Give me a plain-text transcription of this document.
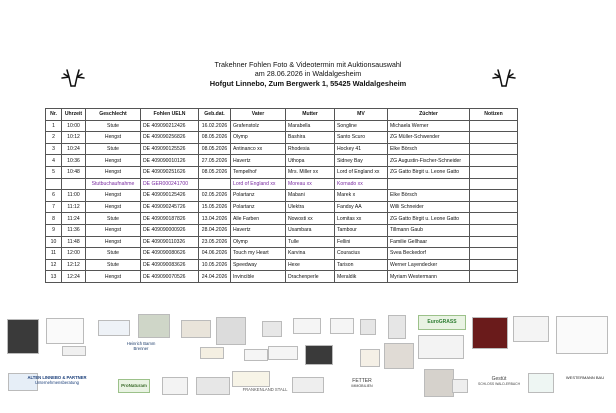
Trakehner Fohlen Foto & Videotermin mit Auktionsauswahl
am 28.06.2026 in Waldalgesheim
Hofgut Linnebo, Zum Bergwerk 1, 55425 Waldalgesheim
Nr.	Uhrzeit	Geschlecht	Fohlen UELN	Geb.dat.	Vater	Mutter	MV	Züchter	Notizen
1	10:00	Stute	DE 409090212426	16.02.2026	Grafenstolz	Marabella	Songline	Michaela Werner	
2	10:12	Hengst	DE 409090256826	08.05.2026	Olymp	Bashira	Santo Scuro	ZG Müller-Schwender	
3	10:24	Stute	DE 409090125526	08.05.2026	Antinanco xx	Rhodesia	Hockey 41	Elke Börsch	
4	10:36	Hengst	DE 409090010126	27.05.2026	Havertz	Uthopa	Sidney Bay	ZG Augustin-Fischer-Schneider	
5	10:48	Hengst	DE 409090251626	08.05.2026	Tempelhof	Mrs. Miller xx	Lord of England xx	ZG Gatto Birgit u. Leone Gatto	
		Stutbuchaufnahme	DE GER000241700		Lord of England xx	Moreau xx	Kornado xx		
6	11:00	Hengst	DE 409090125426	02.05.2026	Polartanz	Mabani	Marek x	Elke Börsch	
7	11:12	Hengst	DE 409090245726	15.05.2026	Polartanz	Ulektra	Fandsy AA	Willi Schneider	
8	11:24	Stute	DE 409090187826	13.04.2026	Alle Farben	Nowosti xx	Lomitas xx	ZG Gatto Birgit u. Leone Gatto	
9	11:36	Hengst	DE 409090000926	28.04.2026	Havertz	Usambara	Tambour	Tillmann Gaub	
10	11:48	Hengst	DE 409090110326	23.05.2026	Olymp	Tulle	Fellini	Familie Gellhaar	
11	12:00	Stute	DE 409090080626	04.06.2026	Touch my Heart	Karvina	Couracius	Svea Beckedorf	
12	12:12	Stute	DE 409090083626	10.05.2026	Speedway	Hexe	Tarison	Werner Layendecker	
13	12:24	Hengst	DE 409090070526	24.04.2026	Invincible	Drachenperle	Meraldik	Myriam Westermann	
EuroGRASS
Heinrich Bamm Brenner
ALTEN LINNEBO & PARTNER
Unternehmensberatung
ProNaturam
FRANKENLAND STALL
FETTER
IMMOBILIEN
Gestüt
SCHLOSS WALD-ERBACH
WESTERMANN BAU
